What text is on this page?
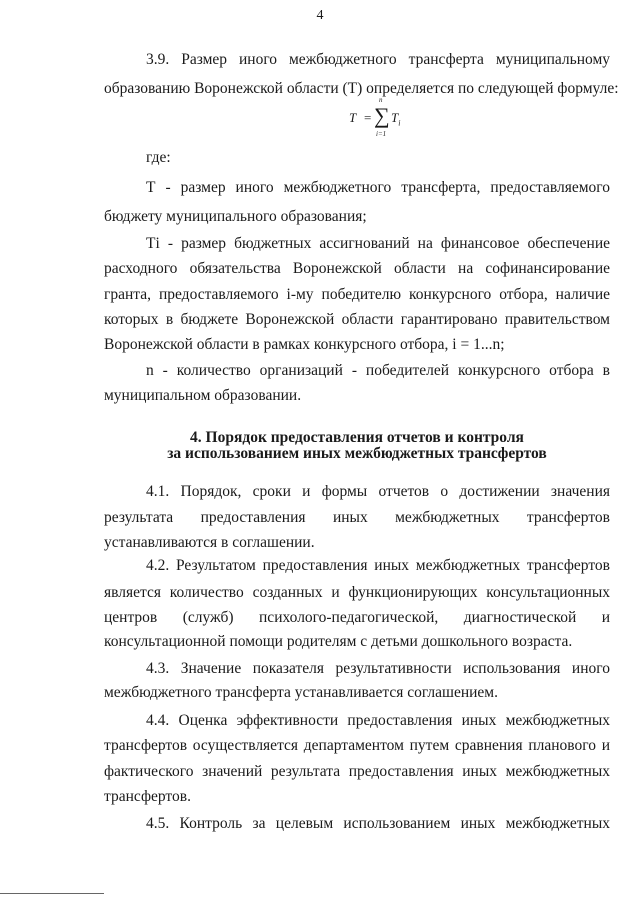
4
3.9. Размер иного межбюджетного трансферта муниципальному
образованию Воронежской области (Т) определяется по следующей формуле:
T = ∑
n
i=1
$T_i$
где:
Т - размер иного межбюджетного трансферта, предоставляемого
бюджету муниципального образования;
Тi - размер бюджетных ассигнований на финансовое обеспечение
расходного обязательства Воронежской области на софинансирование
гранта, предоставляемого i-му победителю конкурсного отбора, наличие
которых в бюджете Воронежской области гарантировано правительством
Воронежской области в рамках конкурсного отбора, i = 1...n;
n - количество организаций - победителей конкурсного отбора в
муниципальном образовании.
4. Порядок предоставления отчетов и контроля
за использованием иных межбюджетных трансфертов
4.1. Порядок, сроки и формы отчетов о достижении значения
результата предоставления иных межбюджетных трансфертов
устанавливаются в соглашении.
4.2. Результатом предоставления иных межбюджетных трансфертов
является количество созданных и функционирующих консультационных
центров (служб) психолого-педагогической, диагностической и
консультационной помощи родителям с детьми дошкольного возраста.
4.3. Значение показателя результативности использования иного
межбюджетного трансферта устанавливается соглашением.
4.4. Оценка эффективности предоставления иных межбюджетных
трансфертов осуществляется департаментом путем сравнения планового и
фактического значений результата предоставления иных межбюджетных
трансфертов.
4.5. Контроль за целевым использованием иных межбюджетных
